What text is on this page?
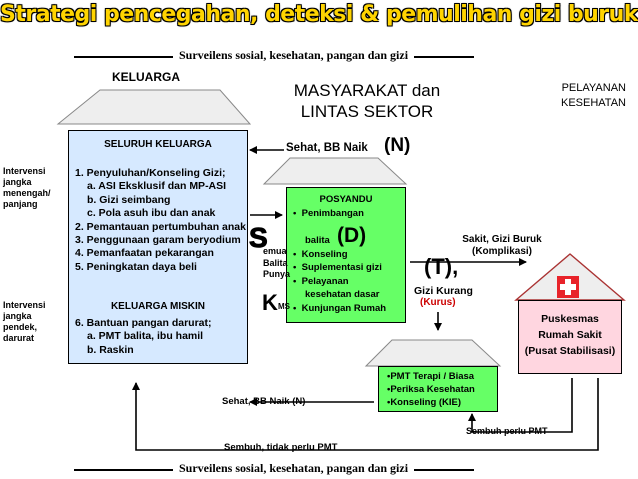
Strategi pencegahan, deteksi & pemulihan gizi buruk
Surveilens sosial, kesehatan, pangan dan gizi
KELUARGA
SELURUH KELUARGA
1. Penyuluhan/Konseling Gizi;
a. ASI Eksklusif dan MP-ASI
b. Gizi seimbang
c. Pola asuh ibu dan anak
2. Pemantauan pertumbuhan anak
3. Penggunaan garam beryodium
4. Pemanfaatan pekarangan
5. Peningkatan daya beli
KELUARGA MISKIN
6. Bantuan pangan darurat;
a. PMT balita, ibu hamil
b. Raskin
Intervensi
jangka
menengah/
panjang
Intervensi
jangka
pendek,
darurat
MASYARAKAT dan
LINTAS SEKTOR
PELAYANAN
KESEHATAN
Sehat, BB Naik (N)
POSYANDU
•  Penimbangan
balita
•  Konseling
•  Suplementasi gizi
•  Pelayanan
kesehatan dasar
•  Kunjungan Rumah
(D)
S
emua
Balita
Punya
K MS
(T),
Gizi Kurang
(Kurus)
Sakit, Gizi Buruk
(Komplikasi)
Puskesmas
Rumah Sakit
(Pusat Stabilisasi)
•PMT Terapi / Biasa
•Periksa Kesehatan
•Konseling (KIE)
Sehat, BB Naik (N)
Sembuh perlu PMT
Sembuh, tidak perlu PMT
Surveilens sosial, kesehatan, pangan dan gizi
